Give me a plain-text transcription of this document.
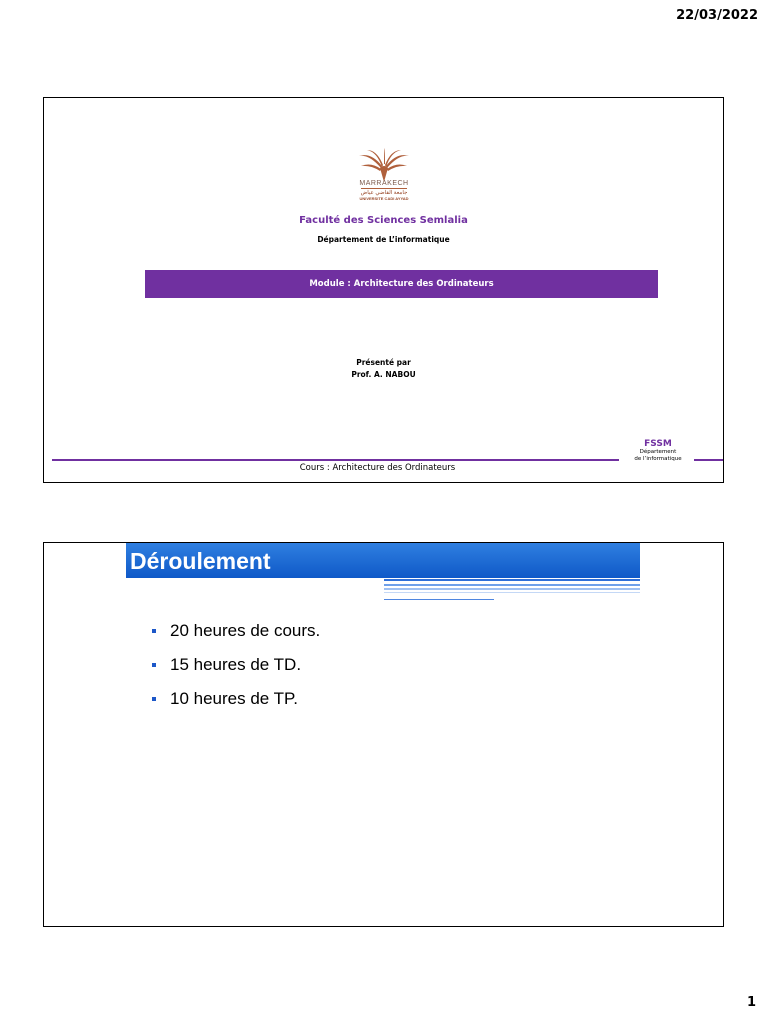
22/03/2022
MARRAKECH
جامعة القاضي عياض
UNIVERSITE CADI AYYAD
Faculté des Sciences Semlalia
Département de L’informatique
Module : Architecture des Ordinateurs
Présenté par
Prof. A. NABOU
FSSM
Département
de l’informatique
Cours : Architecture des Ordinateurs
Déroulement
20 heures de cours.
15 heures de TD.
10 heures de TP.
1
